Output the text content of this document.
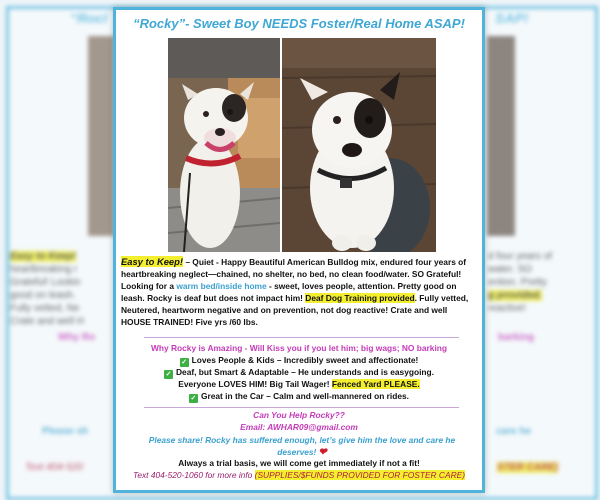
“Rocl	SAP!
Easy to Keep!
heartbreaking r
Grateful! Lookin
good on leash.
Fully vetted, Ne
Crate and well H
d four years of
water. SO
ention. Pretty
g provided.
reactive!
Why Ro	barking
Please sh	care he
Text 404-520	STER CARE)
“Rocky”- Sweet Boy NEEDS Foster/Real Home ASAP!
Easy to Keep! – Quiet - Happy Beautiful American Bulldog mix, endured four years of heartbreaking neglect—chained, no shelter, no bed, no clean food/water. SO Grateful! Looking for a warm bed/inside home - sweet, loves people, attention. Pretty good on leash. Rocky is deaf but does not impact him! Deaf Dog Training provided. Fully vetted, Neutered, heartworm negative and on prevention, not dog reactive! Crate and well HOUSE TRAINED! Five yrs /60 lbs.
Why Rocky is Amazing - Will Kiss you if you let him; big wags; NO barking
✓ Loves People & Kids – Incredibly sweet and affectionate!
✓ Deaf, but Smart & Adaptable – He understands and is easygoing.
Everyone LOVES HIM! Big Tail Wager! Fenced Yard PLEASE.
✓ Great in the Car – Calm and well-mannered on rides.
Can You Help Rocky??
Email: AWHAR09@gmail.com
Please share! Rocky has suffered enough, let’s give him the love and care he deserves! ❤
Always a trial basis, we will come get immediately if not a fit!
Text 404-520-1060 for more info (SUPPLIES/$FUNDS PROVIDED FOR FOSTER CARE)
